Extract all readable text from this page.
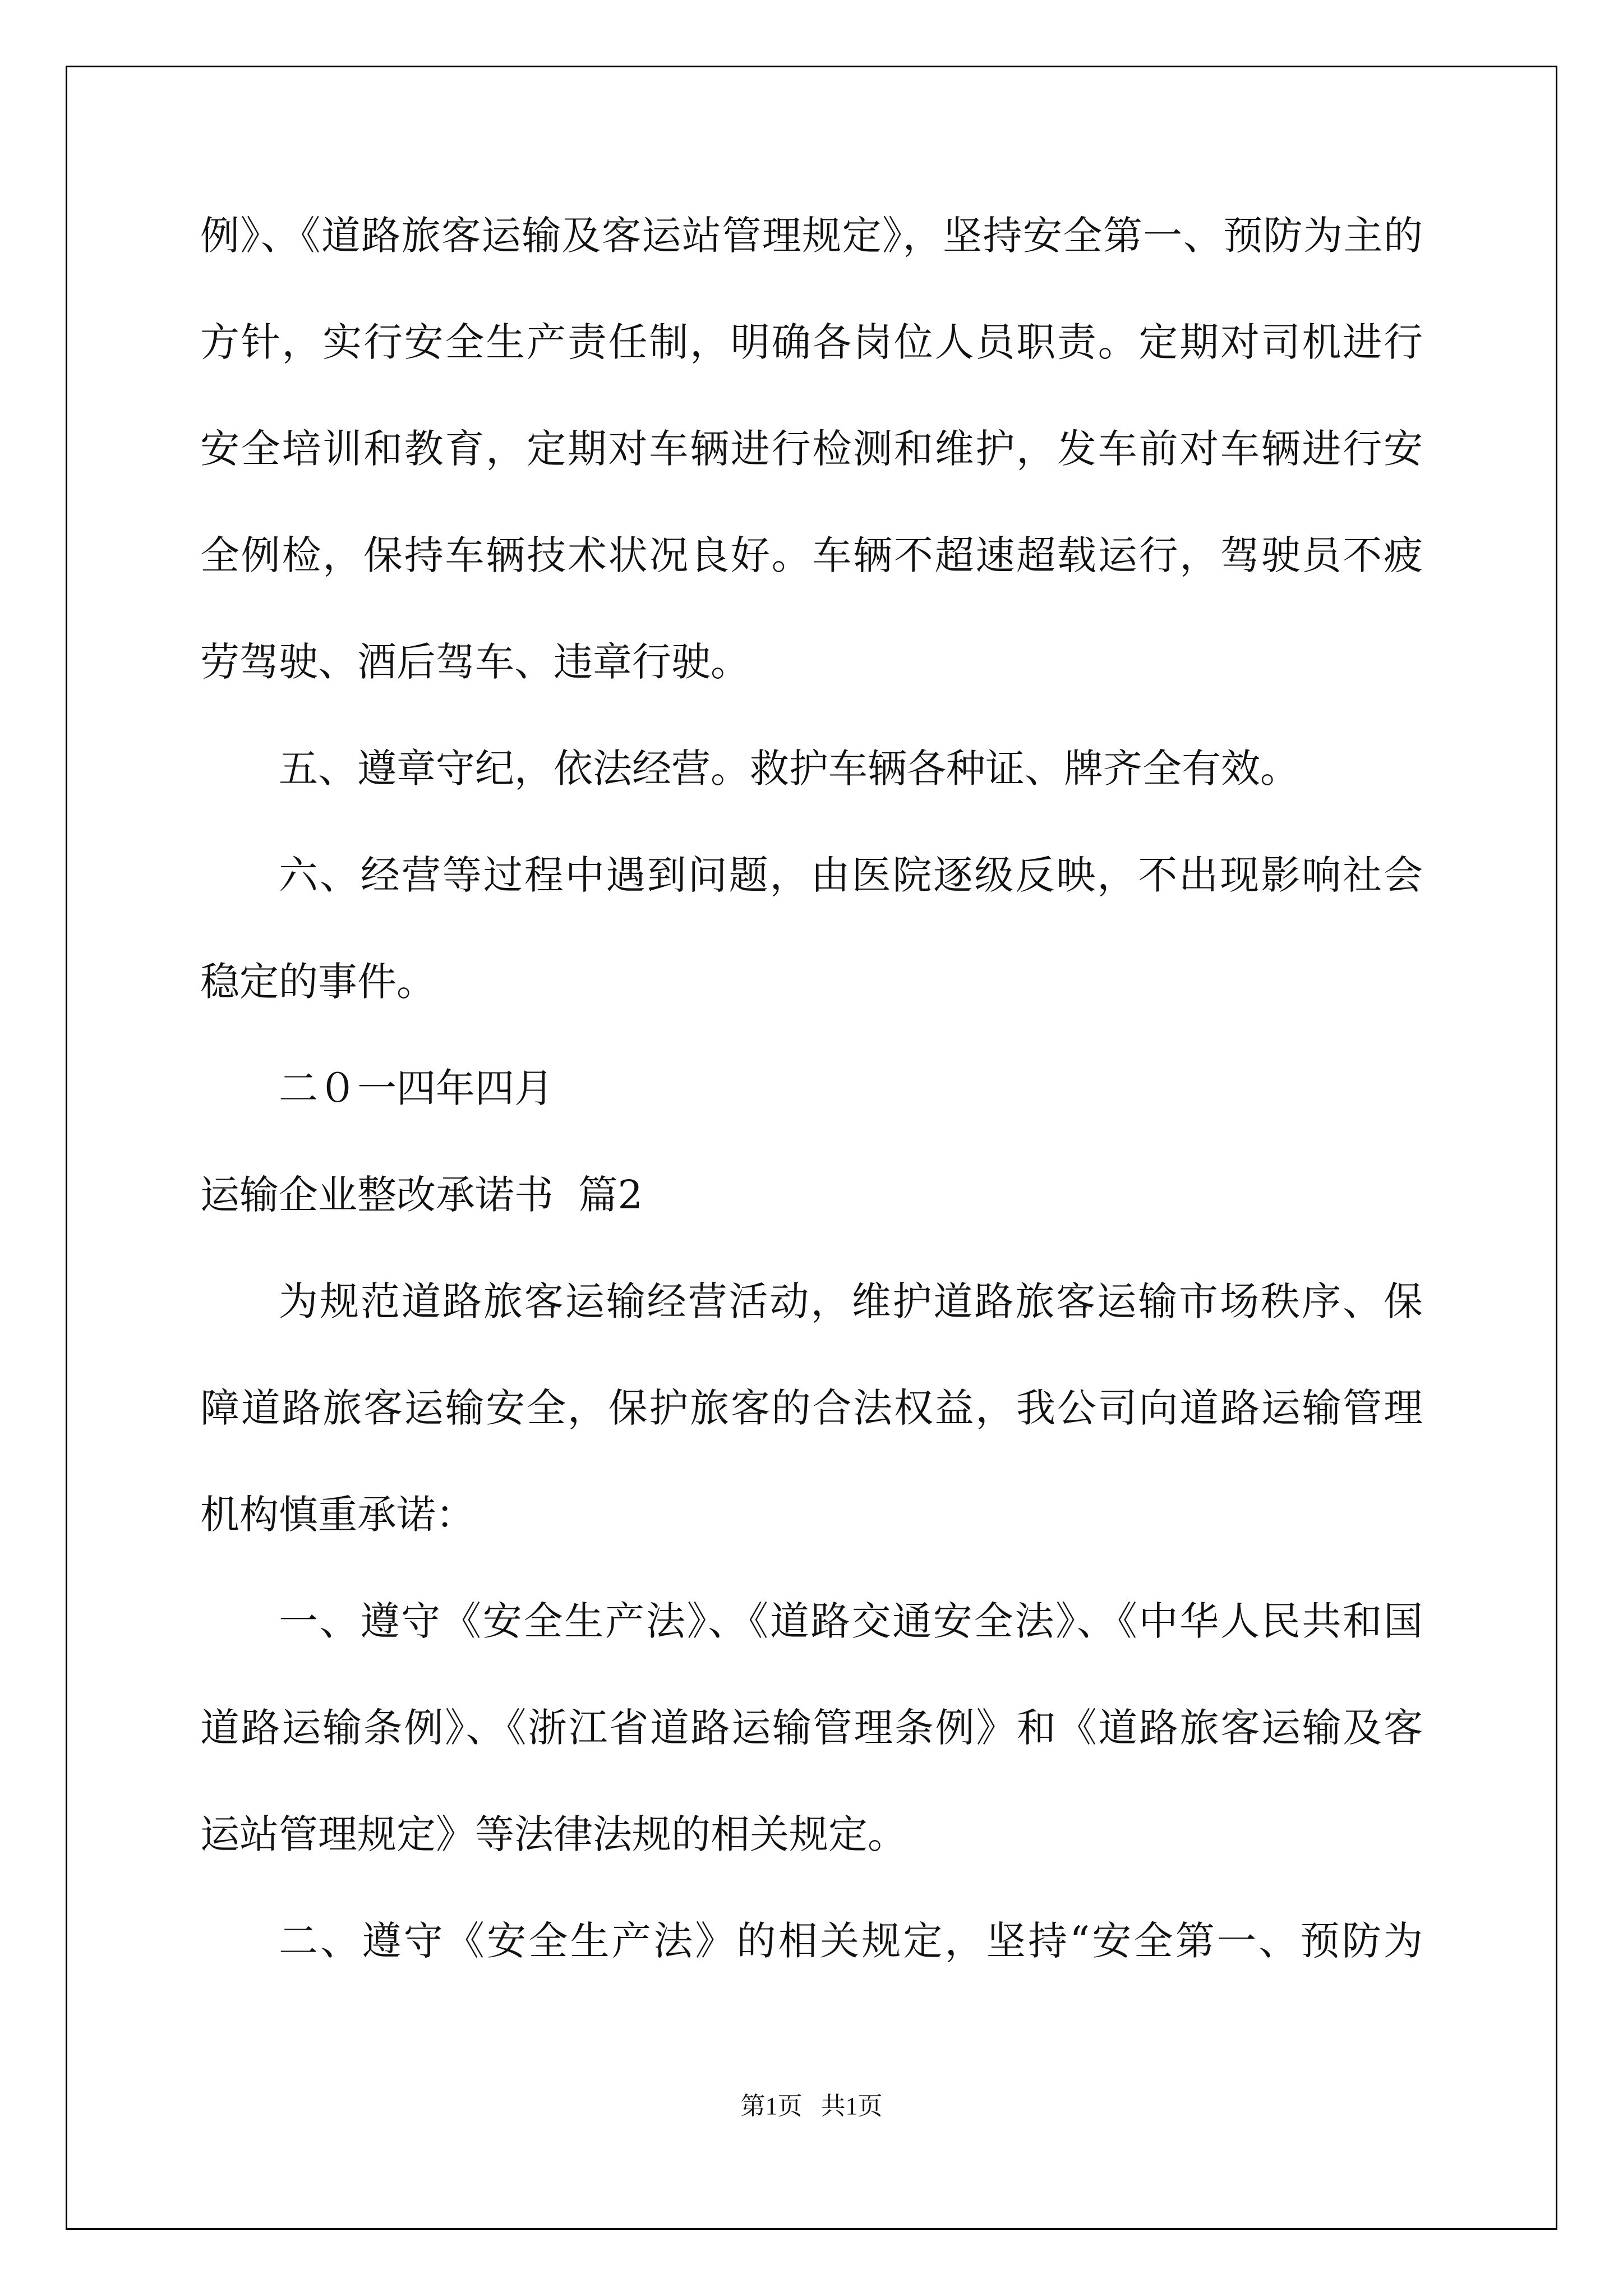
例》、《道路旅客运输及客运站管理规定》，坚持安全第一、预防为主的
方针，实行安全生产责任制，明确各岗位人员职责。定期对司机进行
安全培训和教育，定期对车辆进行检测和维护，发车前对车辆进行安
全例检，保持车辆技术状况良好。车辆不超速超载运行，驾驶员不疲
劳驾驶、酒后驾车、违章行驶。
五、遵章守纪，依法经营。救护车辆各种证、牌齐全有效。
六、经营等过程中遇到问题，由医院逐级反映，不出现影响社会
稳定的事件。
二０一四年四月
运输企业整改承诺书  篇2
为规范道路旅客运输经营活动，维护道路旅客运输市场秩序、保
障道路旅客运输安全，保护旅客的合法权益，我公司向道路运输管理
机构慎重承诺：
一、遵守《安全生产法》、《道路交通安全法》、《中华人民共和国
道路运输条例》、《浙江省道路运输管理条例》和《道路旅客运输及客
运站管理规定》等法律法规的相关规定。
二、遵守《安全生产法》的相关规定，坚持“安全第一、预防为
第1页 共1页
